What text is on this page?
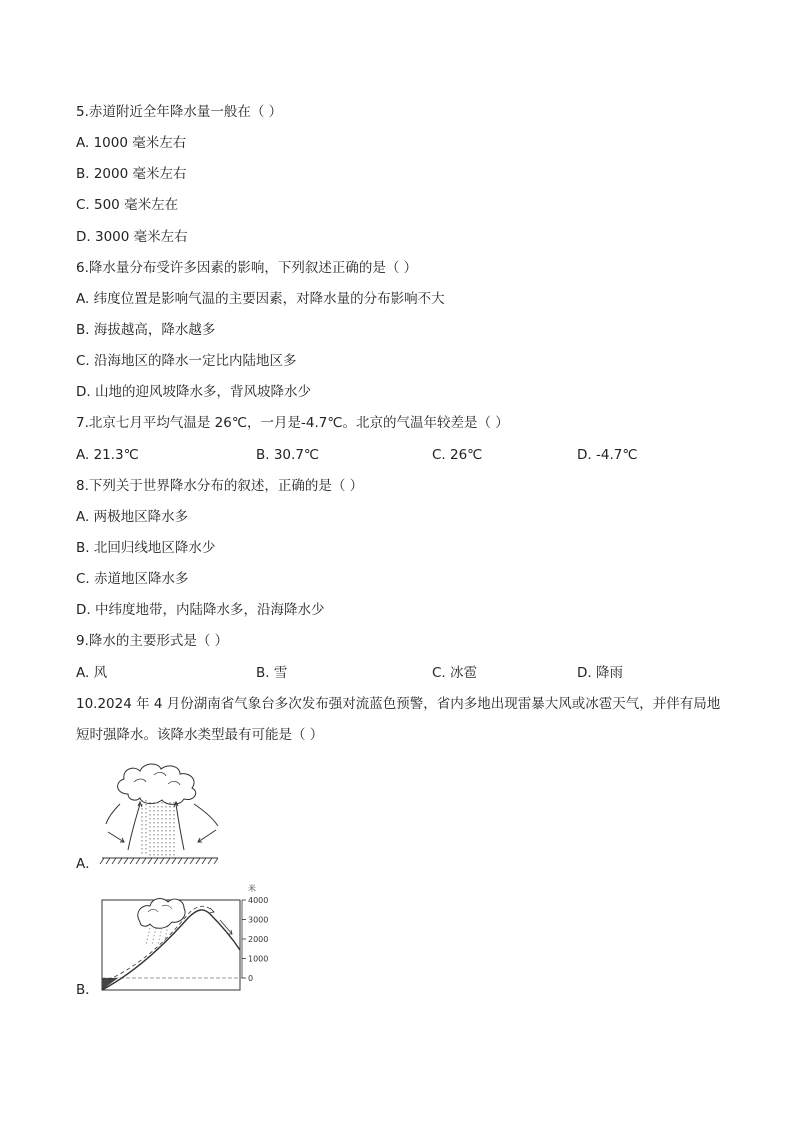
5.赤道附近全年降水量一般在（ ）
A. 1000 毫米左右
B. 2000 毫米左右
C. 500 毫米左在
D. 3000 毫米左右
6.降水量分布受许多因素的影响，下列叙述正确的是（ ）
A. 纬度位置是影响气温的主要因素，对降水量的分布影响不大
B. 海拔越高，降水越多
C. 沿海地区的降水一定比内陆地区多
D. 山地的迎风坡降水多，背风坡降水少
7.北京七月平均气温是 26℃，一月是-4.7℃。北京的气温年较差是（ ）
A. 21.3℃	B. 30.7℃	C. 26℃	D. -4.7℃
8.下列关于世界降水分布的叙述，正确的是（ ）
A. 两极地区降水多
B. 北回归线地区降水少
C. 赤道地区降水多
D. 中纬度地带，内陆降水多，沿海降水少
9.降水的主要形式是（ ）
A. 风	B. 雪	C. 冰雹	D. 降雨
10.2024 年 4 月份湖南省气象台多次发布强对流蓝色预警，省内多地出现雷暴大风或冰雹天气，并伴有局地短时强降水。该降水类型最有可能是（ ）
A．
B．
米
4000
3000
2000
1000
0
